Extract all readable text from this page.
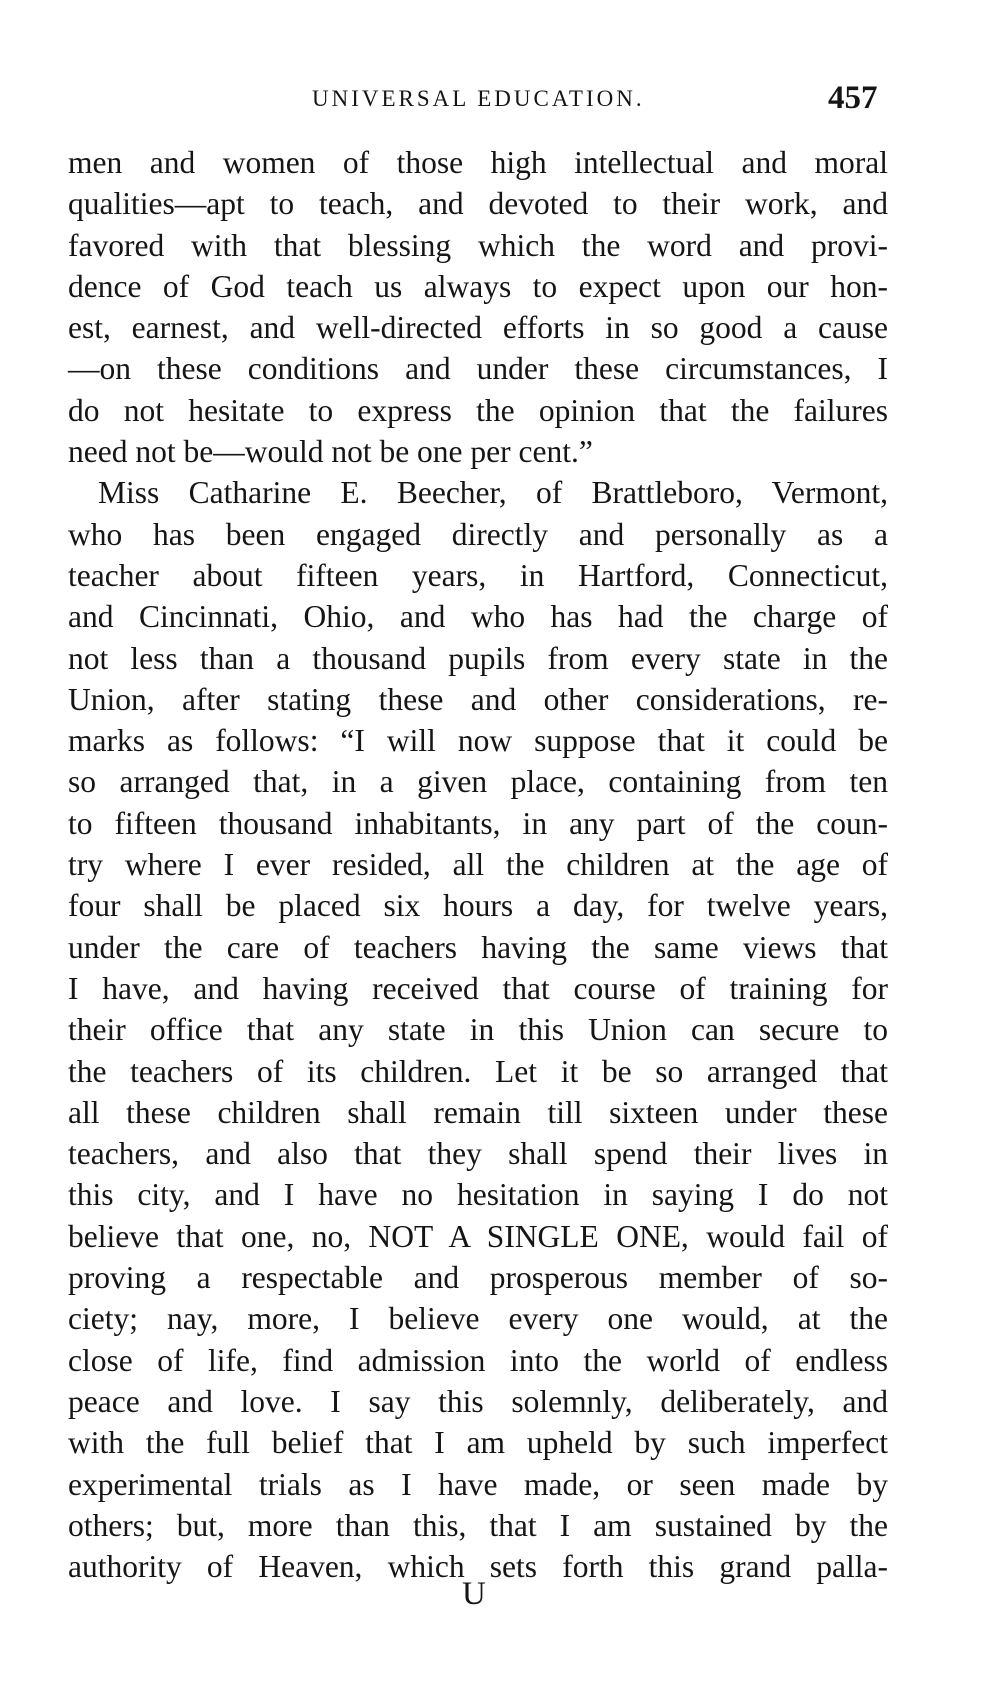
UNIVERSAL EDUCATION.	457
men and women of those high intellectual and moral
qualities—apt to teach, and devoted to their work, and
favored with that blessing which the word and provi-
dence of God teach us always to expect upon our hon-
est, earnest, and well-directed efforts in so good a cause
—on these conditions and under these circumstances, I
do not hesitate to express the opinion that the failures
need not be—would not be one per cent.”
Miss Catharine E. Beecher, of Brattleboro, Vermont,
who has been engaged directly and personally as a
teacher about fifteen years, in Hartford, Connecticut,
and Cincinnati, Ohio, and who has had the charge of
not less than a thousand pupils from every state in the
Union, after stating these and other considerations, re-
marks as follows: “I will now suppose that it could be
so arranged that, in a given place, containing from ten
to fifteen thousand inhabitants, in any part of the coun-
try where I ever resided, all the children at the age of
four shall be placed six hours a day, for twelve years,
under the care of teachers having the same views that
I have, and having received that course of training for
their office that any state in this Union can secure to
the teachers of its children. Let it be so arranged that
all these children shall remain till sixteen under these
teachers, and also that they shall spend their lives in
this city, and I have no hesitation in saying I do not
believe that one, no, NOT A SINGLE ONE, would fail of
proving a respectable and prosperous member of so-
ciety; nay, more, I believe every one would, at the
close of life, find admission into the world of endless
peace and love. I say this solemnly, deliberately, and
with the full belief that I am upheld by such imperfect
experimental trials as I have made, or seen made by
others; but, more than this, that I am sustained by the
authority of Heaven, which sets forth this grand palla-
U
